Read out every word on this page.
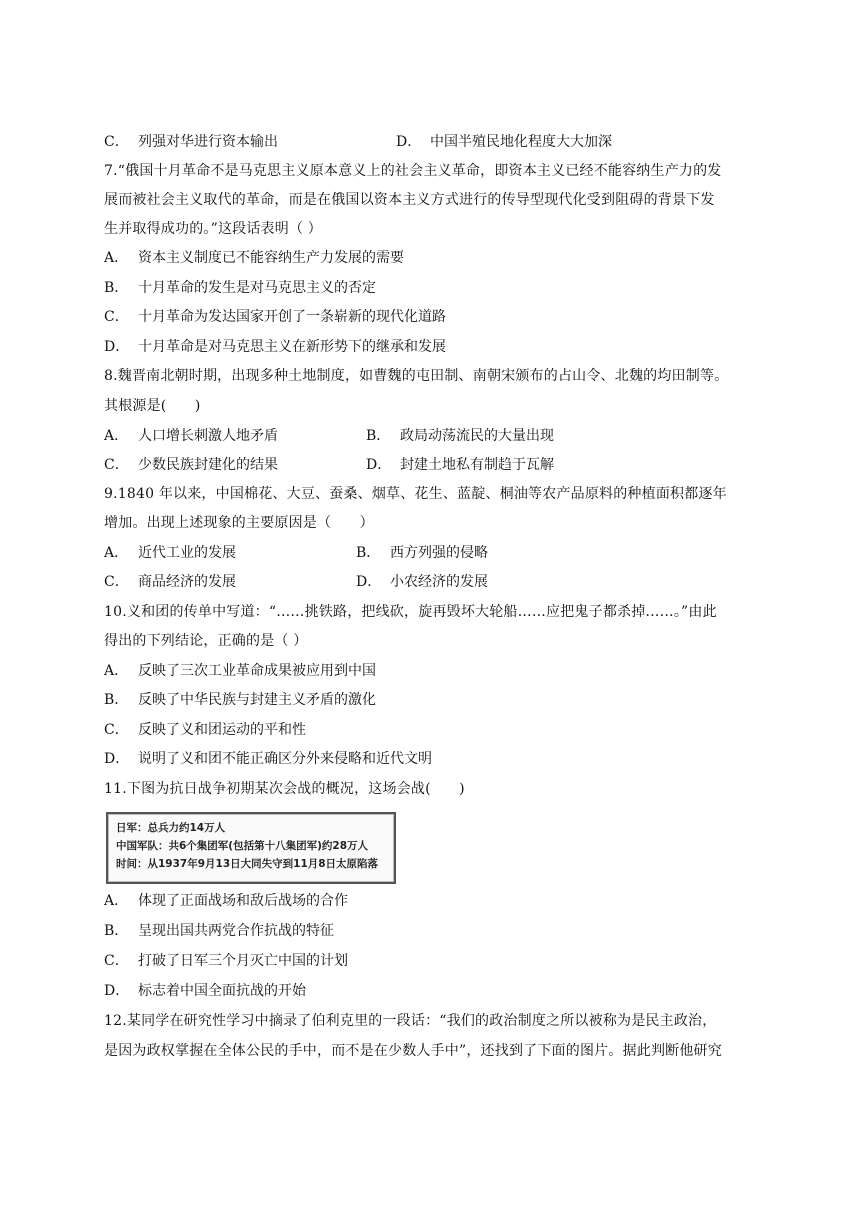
C． 列强对华进行资本输出	D． 中国半殖民地化程度大大加深
7.“俄国十月革命不是马克思主义原本意义上的社会主义革命，即资本主义已经不能容纳生产力的发
展而被社会主义取代的革命，而是在俄国以资本主义方式进行的传导型现代化受到阻碍的背景下发
生并取得成功的。”这段话表明（ ）
A． 资本主义制度已不能容纳生产力发展的需要
B． 十月革命的发生是对马克思主义的否定
C． 十月革命为发达国家开创了一条崭新的现代化道路
D． 十月革命是对马克思主义在新形势下的继承和发展
8.魏晋南北朝时期，出现多种土地制度，如曹魏的屯田制、南朝宋颁布的占山令、北魏的均田制等。
其根源是(　　)
A． 人口增长刺激人地矛盾	B． 政局动荡流民的大量出现
C． 少数民族封建化的结果	D． 封建土地私有制趋于瓦解
9.1840 年以来，中国棉花、大豆、蚕桑、烟草、花生、蓝靛、桐油等农产品原料的种植面积都逐年
增加。出现上述现象的主要原因是（　　）
A． 近代工业的发展	B． 西方列强的侵略
C． 商品经济的发展	D． 小农经济的发展
10.义和团的传单中写道：“……挑铁路，把线砍，旋再毁坏大轮船……应把鬼子都杀掉……。”由此
得出的下列结论，正确的是（ ）
A． 反映了三次工业革命成果被应用到中国
B． 反映了中华民族与封建主义矛盾的激化
C． 反映了义和团运动的平和性
D． 说明了义和团不能正确区分外来侵略和近代文明
11.下图为抗日战争初期某次会战的概况，这场会战(　　)
日军：总兵力约14万人
中国军队：共6个集团军(包括第十八集团军)约28万人
时间：从1937年9月13日大同失守到11月8日太原陷落
A． 体现了正面战场和敌后战场的合作
B． 呈现出国共两党合作抗战的特征
C． 打破了日军三个月灭亡中国的计划
D． 标志着中国全面抗战的开始
12.某同学在研究性学习中摘录了伯利克里的一段话：“我们的政治制度之所以被称为是民主政治，
是因为政权掌握在全体公民的手中，而不是在少数人手中”，还找到了下面的图片。据此判断他研究
